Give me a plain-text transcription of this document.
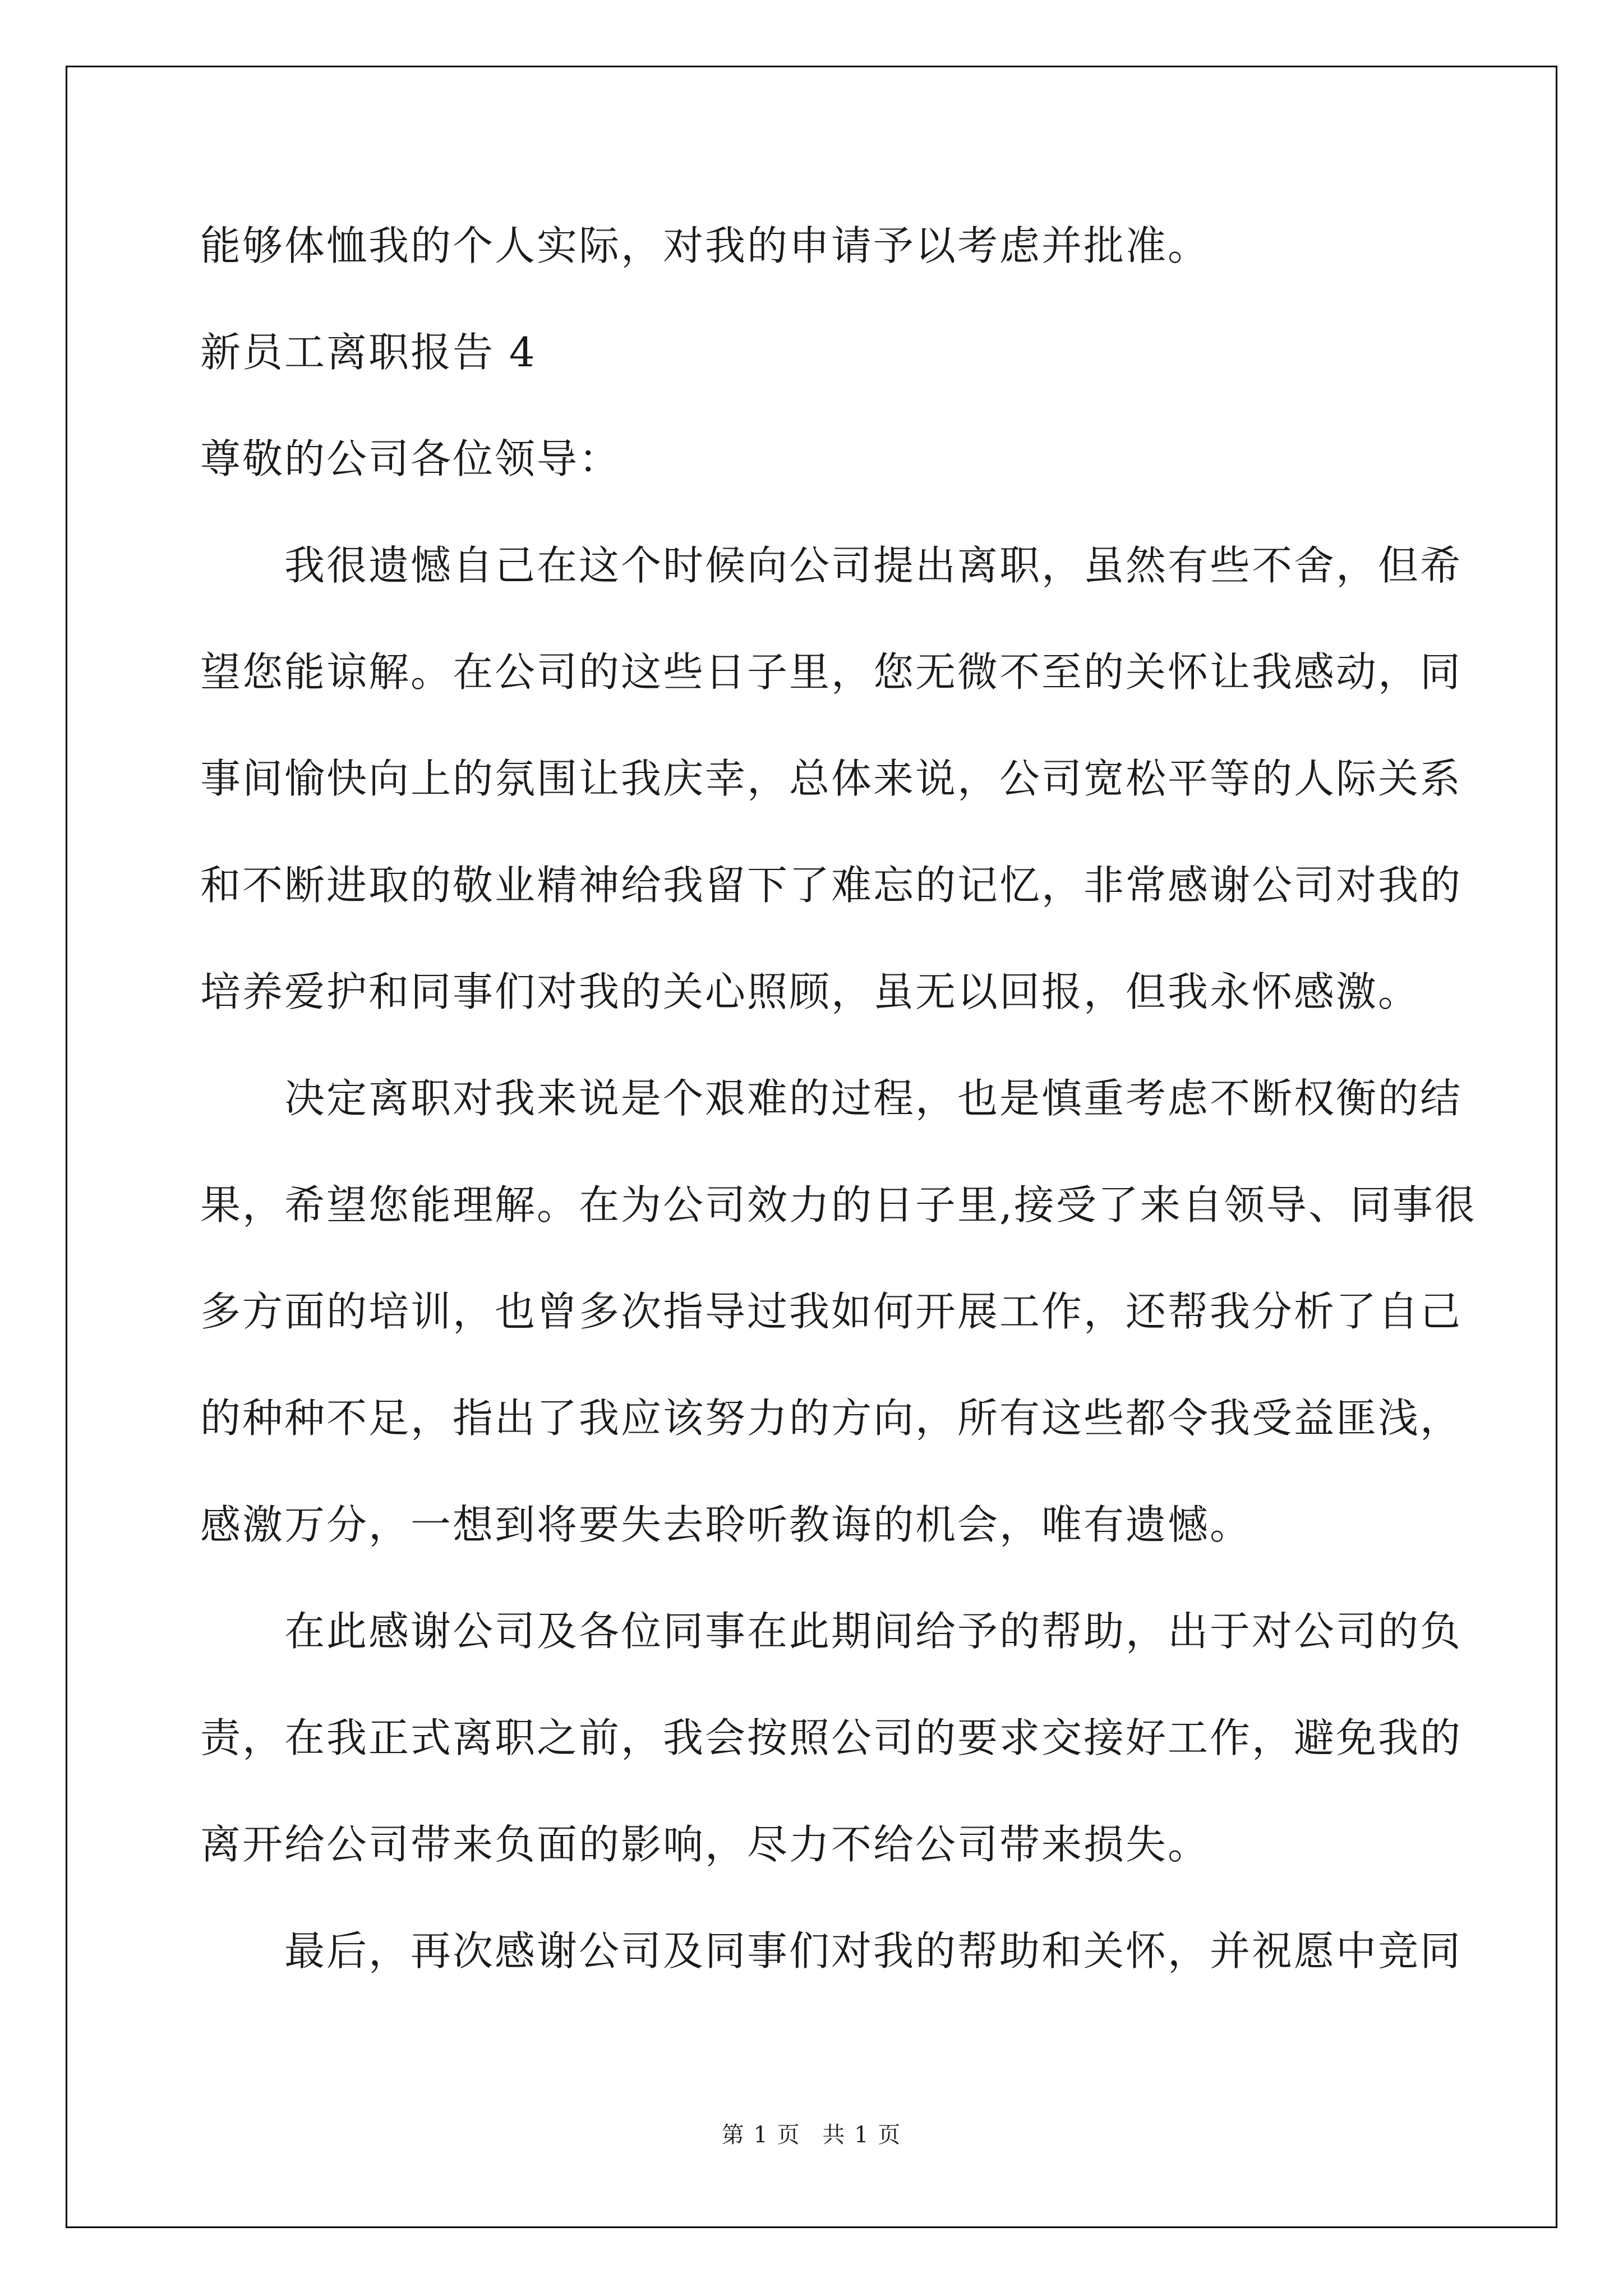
能够体恤我的个人实际，对我的申请予以考虑并批准。
新员工离职报告 4
尊敬的公司各位领导：
我很遗憾自己在这个时候向公司提出离职，虽然有些不舍，但希
望您能谅解。在公司的这些日子里，您无微不至的关怀让我感动，同
事间愉快向上的氛围让我庆幸，总体来说，公司宽松平等的人际关系
和不断进取的敬业精神给我留下了难忘的记忆，非常感谢公司对我的
培养爱护和同事们对我的关心照顾，虽无以回报，但我永怀感激。
决定离职对我来说是个艰难的过程，也是慎重考虑不断权衡的结
果，希望您能理解。在为公司效力的日子里,接受了来自领导、同事很
多方面的培训，也曾多次指导过我如何开展工作，还帮我分析了自己
的种种不足，指出了我应该努力的方向，所有这些都令我受益匪浅，
感激万分，一想到将要失去聆听教诲的机会，唯有遗憾。
在此感谢公司及各位同事在此期间给予的帮助，出于对公司的负
责，在我正式离职之前，我会按照公司的要求交接好工作，避免我的
离开给公司带来负面的影响，尽力不给公司带来损失。
最后，再次感谢公司及同事们对我的帮助和关怀，并祝愿中竞同
第 1 页 共 1 页
